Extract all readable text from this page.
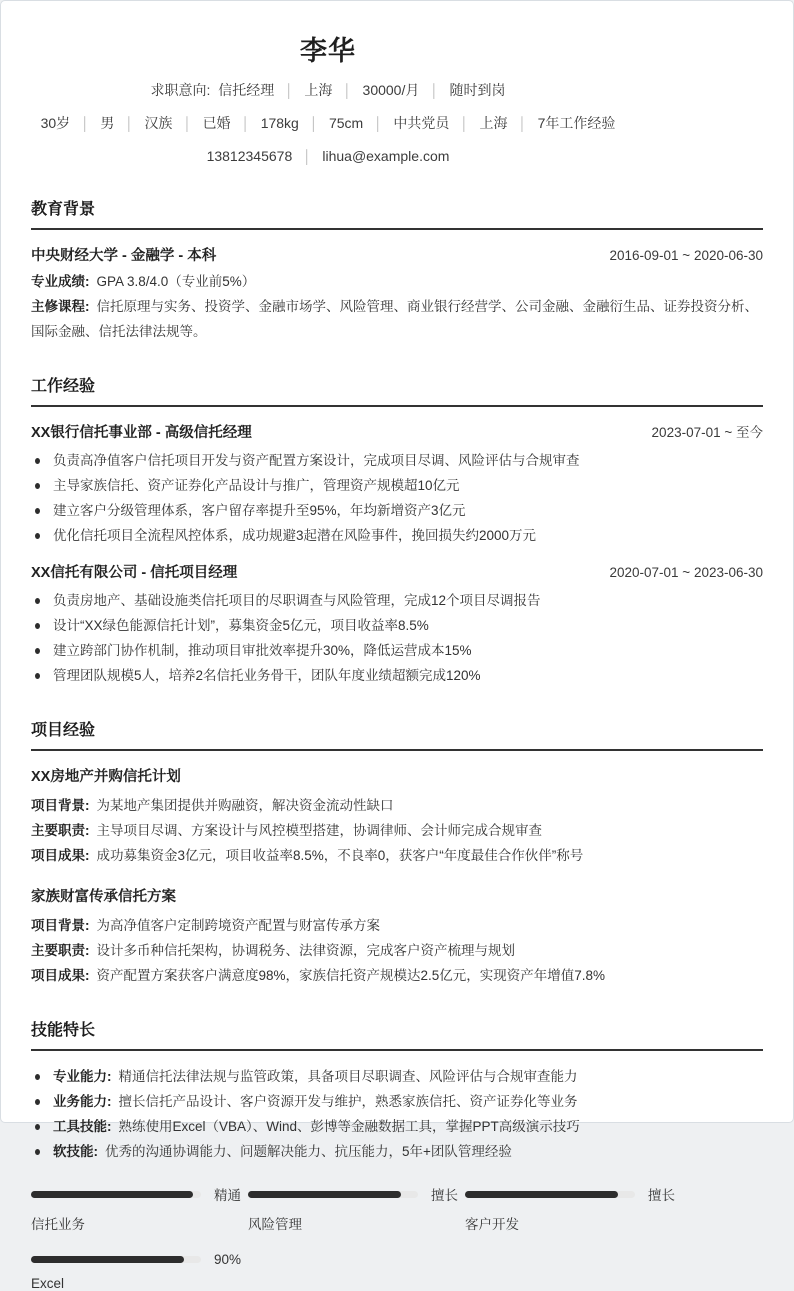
李华
求职意向: 信托经理 │ 上海 │ 30000/月 │ 随时到岗
30岁 │ 男 │ 汉族 │ 已婚 │ 178kg │ 75cm │ 中共党员 │ 上海 │ 7年工作经验
13812345678 │ lihua@example.com
教育背景
中央财经大学 - 金融学 - 本科	2016-09-01 ~ 2020-06-30

专业成绩: GPA 3.8/4.0（专业前5%）

主修课程: 信托原理与实务、投资学、金融市场学、风险管理、商业银行经营学、公司金融、金融衍生品、证券投资分析、国际金融、信托法律法规等。

工作经验
XX银行信托事业部 - 高级信托经理	2023-07-01 ~ 至今
负责高净值客户信托项目开发与资产配置方案设计，完成项目尽调、风险评估与合规审查
主导家族信托、资产证券化产品设计与推广，管理资产规模超10亿元
建立客户分级管理体系，客户留存率提升至95%，年均新增资产3亿元
优化信托项目全流程风控体系，成功规避3起潜在风险事件，挽回损失约2000万元
XX信托有限公司 - 信托项目经理	2020-07-01 ~ 2023-06-30
负责房地产、基础设施类信托项目的尽职调查与风险管理，完成12个项目尽调报告
设计“XX绿色能源信托计划”，募集资金5亿元，项目收益率8.5%
建立跨部门协作机制，推动项目审批效率提升30%，降低运营成本15%
管理团队规模5人，培养2名信托业务骨干，团队年度业绩超额完成120%
项目经验
XX房地产并购信托计划

项目背景: 为某地产集团提供并购融资，解决资金流动性缺口

主要职责: 主导项目尽调、方案设计与风控模型搭建，协调律师、会计师完成合规审查

项目成果: 成功募集资金3亿元，项目收益率8.5%，不良率0，获客户“年度最佳合作伙伴”称号

家族财富传承信托方案

项目背景: 为高净值客户定制跨境资产配置与财富传承方案

主要职责: 设计多币种信托架构，协调税务、法律资源，完成客户资产梳理与规划

项目成果: 资产配置方案获客户满意度98%，家族信托资产规模达2.5亿元，实现资产年增值7.8%

技能特长
专业能力: 精通信托法律法规与监管政策，具备项目尽职调查、风险评估与合规审查能力
业务能力: 擅长信托产品设计、客户资源开发与维护，熟悉家族信托、资产证券化等业务
工具技能: 熟练使用Excel（VBA）、Wind、彭博等金融数据工具，掌握PPT高级演示技巧
软技能: 优秀的沟通协调能力、问题解决能力、抗压能力，5年+团队管理经验
精通
信托业务
擅长
风险管理
擅长
客户开发
90%
Excel
